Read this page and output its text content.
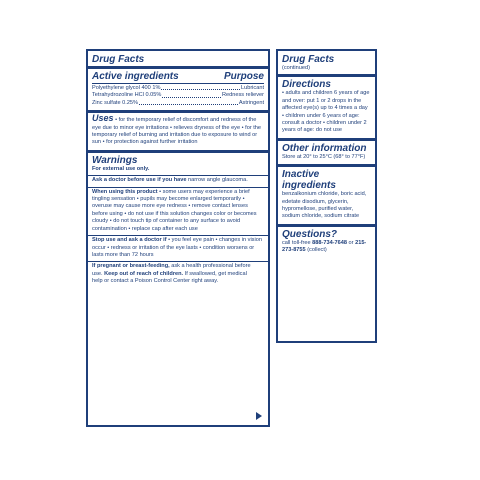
Drug Facts
Active ingredients	Purpose
Polyethylene glycol 400 1%	Lubricant
Tetrahydrozoline HCl 0.05%	Redness reliever
Zinc sulfate 0.25%	Astringent
Uses • for the temporary relief of discomfort and redness of the eye due to minor eye irritations • relieves dryness of the eye • for the temporary relief of burning and irritation due to exposure to wind or sun • for protection against further irritation
Warnings
For external use only.
Ask a doctor before use if you have narrow angle glaucoma.
When using this product • some users may experience a brief tingling sensation • pupils may become enlarged temporarily • overuse may cause more eye redness • remove contact lenses before using • do not use if this solution changes color or becomes cloudy • do not touch tip of container to any surface to avoid contamination • replace cap after each use
Stop use and ask a doctor if • you feel eye pain • changes in vision occur • redness or irritation of the eye lasts • condition worsens or lasts more than 72 hours
If pregnant or breast-feeding, ask a health professional before use. Keep out of reach of children. If swallowed, get medical help or contact a Poison Control Center right away.
Drug Facts
(continued)
Directions
• adults and children 6 years of age and over: put 1 or 2 drops in the affected eye(s) up to 4 times a day • children under 6 years of age: consult a doctor • children under 2 years of age: do not use
Other information
Store at 20° to 25°C (68° to 77°F)
Inactive ingredients
benzalkonium chloride, boric acid, edetate disodium, glycerin, hypromellose, purified water, sodium chloride, sodium citrate
Questions?
call toll-free 888-734-7648 or 215-273-8755 (collect)
